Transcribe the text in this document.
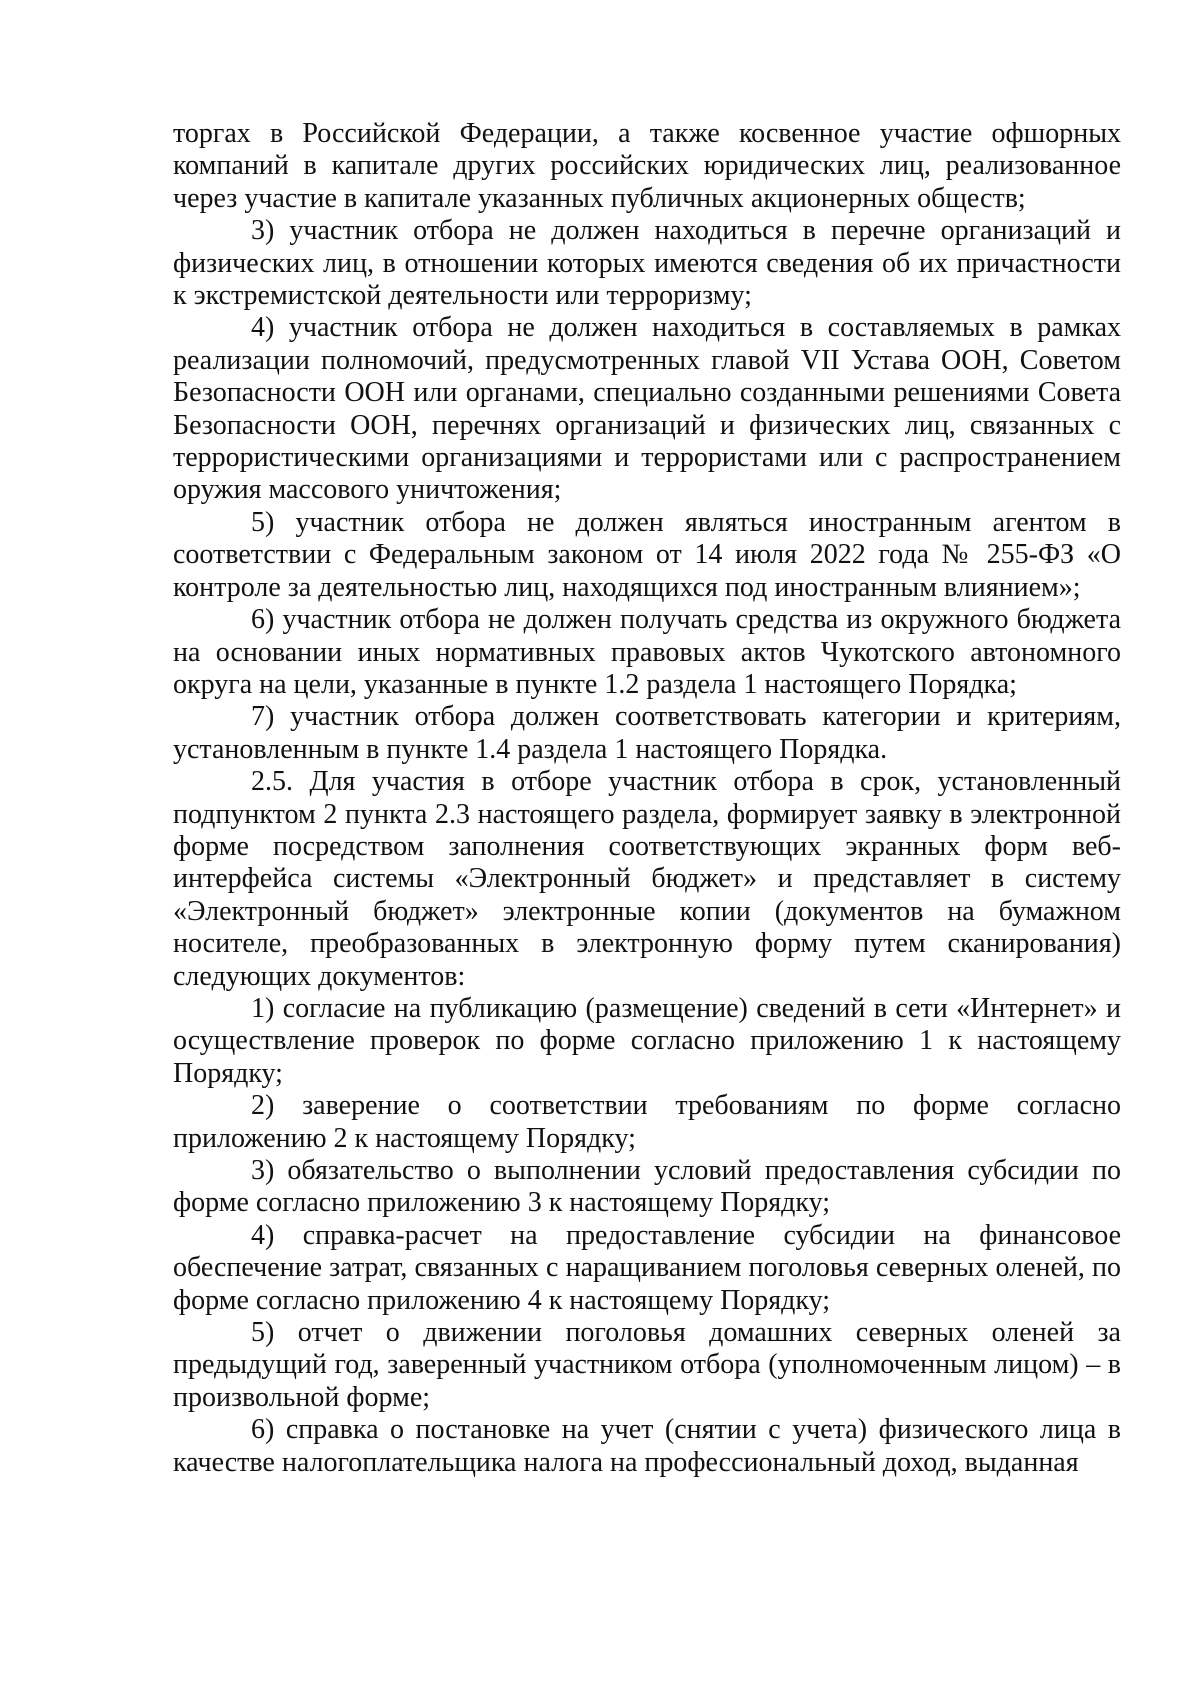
торгах в Российской Федерации, а также косвенное участие офшорных компаний в капитале других российских юридических лиц, реализованное через участие в капитале указанных публичных акционерных обществ;

3) участник отбора не должен находиться в перечне организаций и физических лиц, в отношении которых имеются сведения об их причастности к экстремистской деятельности или терроризму;

4) участник отбора не должен находиться в составляемых в рамках реализации полномочий, предусмотренных главой VII Устава ООН, Советом Безопасности ООН или органами, специально созданными решениями Совета Безопасности ООН, перечнях организаций и физических лиц, связанных с террористическими организациями и террористами или с распространением оружия массового уничтожения;

5) участник отбора не должен являться иностранным агентом в соответствии с Федеральным законом от 14 июля 2022 года № 255-ФЗ «О контроле за деятельностью лиц, находящихся под иностранным влиянием»;

6) участник отбора не должен получать средства из окружного бюджета на основании иных нормативных правовых актов Чукотского автономного округа на цели, указанные в пункте 1.2 раздела 1 настоящего Порядка;

7) участник отбора должен соответствовать категории и критериям, установленным в пункте 1.4 раздела 1 настоящего Порядка.

2.5. Для участия в отборе участник отбора в срок, установленный подпунктом 2 пункта 2.3 настоящего раздела, формирует заявку в электронной форме посредством заполнения соответствующих экранных форм веб-интерфейса системы «Электронный бюджет» и представляет в систему «Электронный бюджет» электронные копии (документов на бумажном носителе, преобразованных в электронную форму путем сканирования) следующих документов:

1) согласие на публикацию (размещение) сведений в сети «Интернет» и осуществление проверок по форме согласно приложению 1 к настоящему Порядку;

2) заверение о соответствии требованиям по форме согласно приложению 2 к настоящему Порядку;

3) обязательство о выполнении условий предоставления субсидии по форме согласно приложению 3 к настоящему Порядку;

4) справка-расчет на предоставление субсидии на финансовое обеспечение затрат, связанных с наращиванием поголовья северных оленей, по форме согласно приложению 4 к настоящему Порядку;

5) отчет о движении поголовья домашних северных оленей за предыдущий год, заверенный участником отбора (уполномоченным лицом) – в произвольной форме;

6) справка о постановке на учет (снятии с учета) физического лица в качестве налогоплательщика налога на профессиональный доход, выданная
